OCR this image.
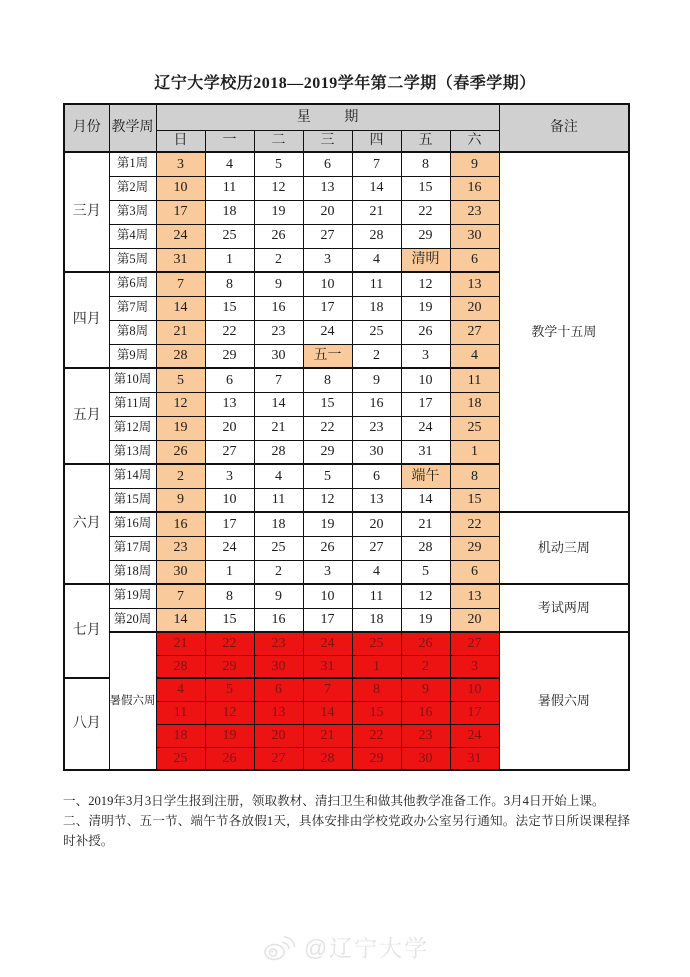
辽宁大学校历2018—2019学年第二学期（春季学期）
月份	教学周	星期							备注
		日	一	二	三	四	五	六	
三月	第1周	3	4	5	6	7	8	9	教学十五周
	第2周	10	11	12	13	14	15	16	
	第3周	17	18	19	20	21	22	23	
	第4周	24	25	26	27	28	29	30	
	第5周	31	1	2	3	4	清明	6	
四月	第6周	7	8	9	10	11	12	13	
	第7周	14	15	16	17	18	19	20	
	第8周	21	22	23	24	25	26	27	
	第9周	28	29	30	五一	2	3	4	
五月	第10周	5	6	7	8	9	10	11	
	第11周	12	13	14	15	16	17	18	
	第12周	19	20	21	22	23	24	25	
	第13周	26	27	28	29	30	31	1	
六月	第14周	2	3	4	5	6	端午	8	
	第15周	9	10	11	12	13	14	15	
	第16周	16	17	18	19	20	21	22	机动三周
	第17周	23	24	25	26	27	28	29	
	第18周	30	1	2	3	4	5	6	
七月	第19周	7	8	9	10	11	12	13	考试两周
	第20周	14	15	16	17	18	19	20	
	暑假六周	21	22	23	24	25	26	27	暑假六周
		28	29	30	31	1	2	3	
八月		4	5	6	7	8	9	10	
		11	12	13	14	15	16	17	
		18	19	20	21	22	23	24	
		25	26	27	28	29	30	31	

一、2019年3月3日学生报到注册，领取教材、清扫卫生和做其他教学准备工作。3月4日开始上课。

二、清明节、五一节、端午节各放假1天，具体安排由学校党政办公室另行通知。法定节日所误课程择时补授。

@辽宁大学
